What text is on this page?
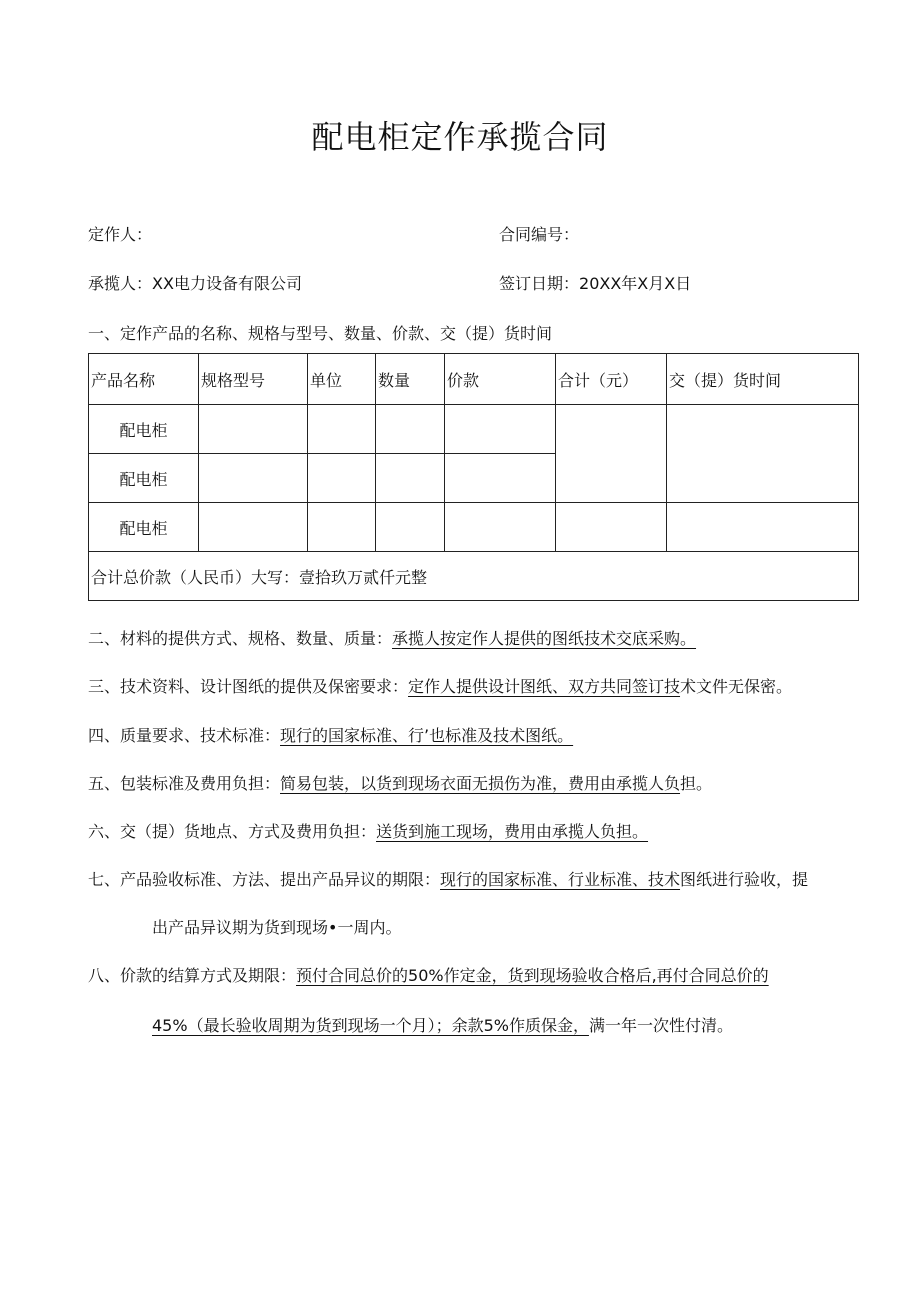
配电柜定作承揽合同
定作人：	合同编号：
承揽人：XX电力设备有限公司	签订日期：20XX年X月X日
一、定作产品的名称、规格与型号、数量、价款、交（提）货时间
产品名称	规格型号	单位	数量	价款	合计（元）	交（提）货时间
配电柜						
配电柜						
配电柜						
合计总价款（人民币）大写：壹拾玖万贰仟元整						
二、材料的提供方式、规格、数量、质量：承揽人按定作人提供的图纸技术交底采购。
三、技术资料、设计图纸的提供及保密要求：定作人提供设计图纸、双方共同签订技术文件无保密。
四、质量要求、技术标准：现行的国家标准、行’也标准及技术图纸。
五、包装标准及费用负担：简易包装，以货到现场衣面无损伤为准，费用由承揽人负担。
六、交（提）货地点、方式及费用负担：送货到施工现场，费用由承揽人负担。
七、产品验收标准、方法、提出产品异议的期限：现行的国家标准、行业标准、技术图纸进行验收，提
出产品异议期为货到现场•一周内。
八、价款的结算方式及期限：预付合同总价的50%作定金，货到现场验收合格后,再付合同总价的
45%（最长验收周期为货到现场一个月）；余款5%作质保金，满一年一次性付清。
